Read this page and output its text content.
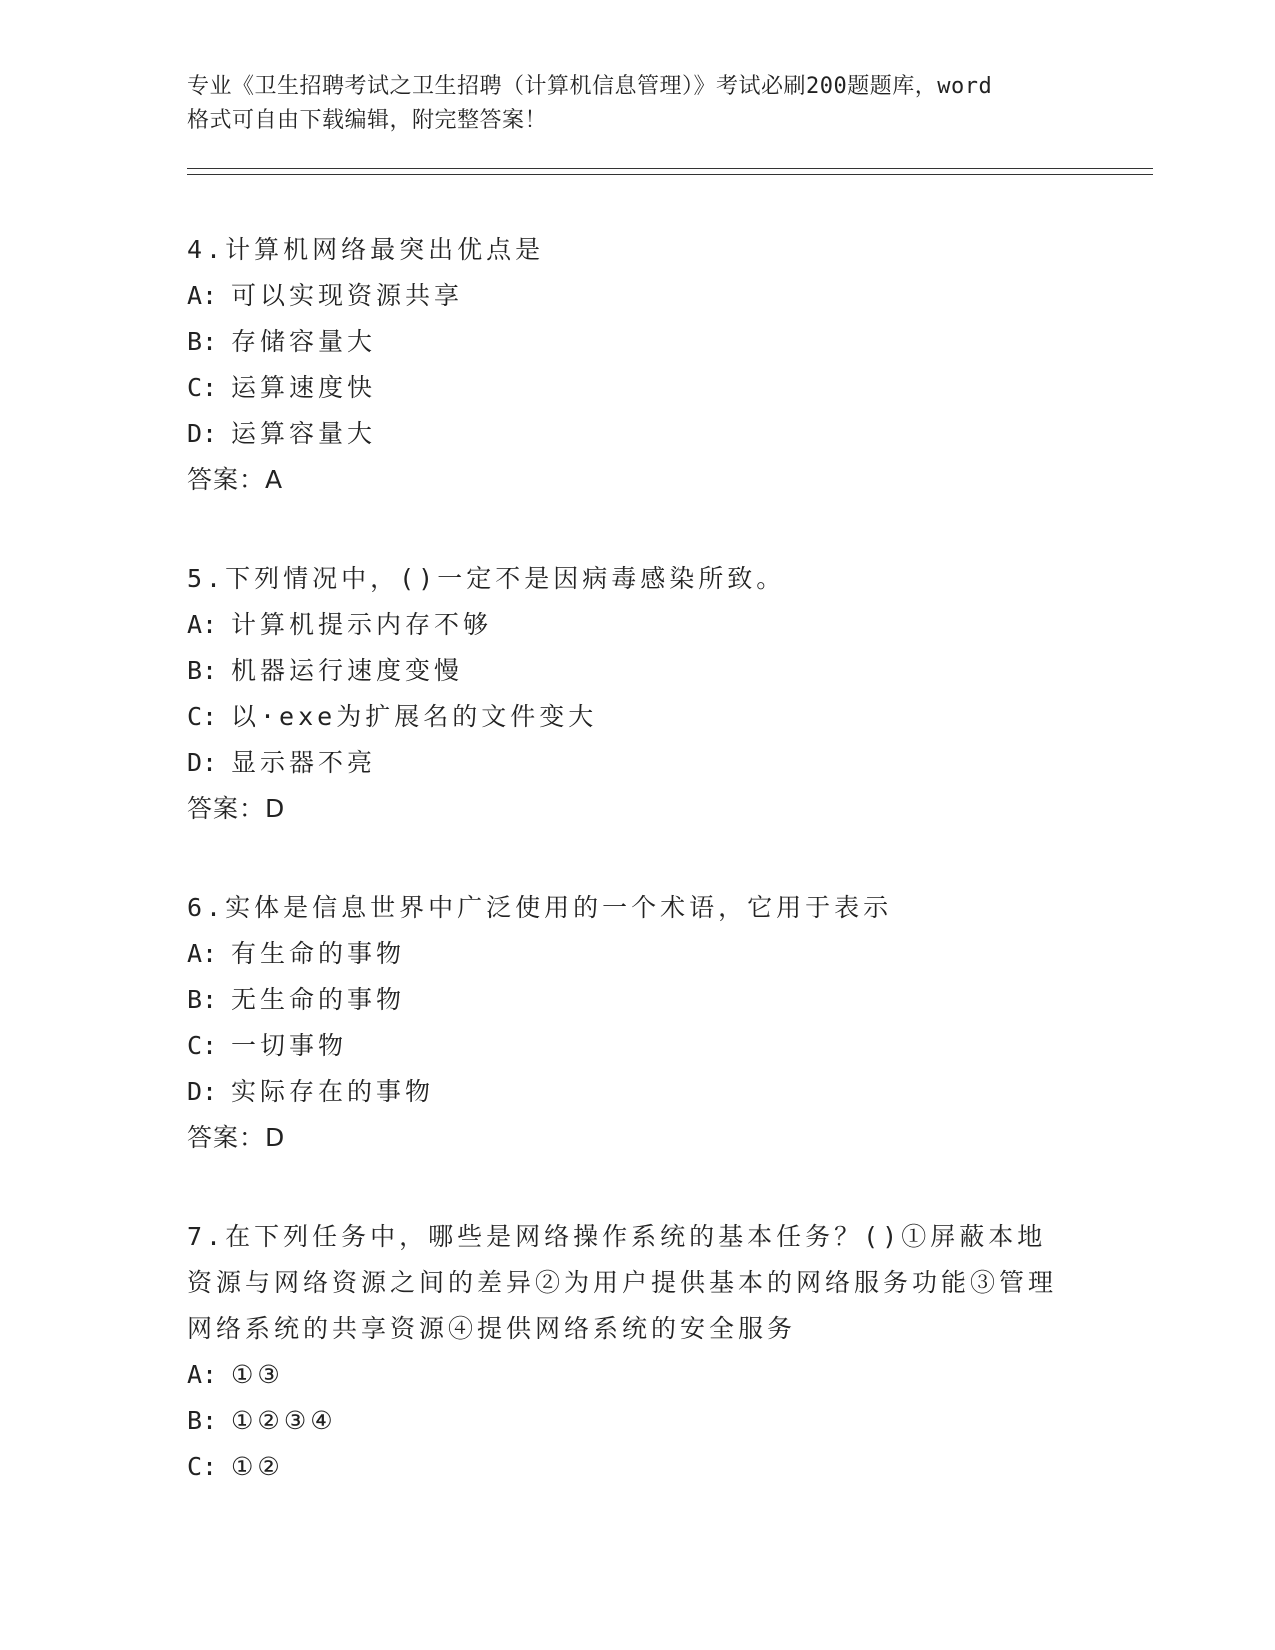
专业《卫生招聘考试之卫生招聘（计算机信息管理）》考试必刷200题题库，word
格式可自由下载编辑，附完整答案！
4.计算机网络最突出优点是
A: 可以实现资源共享
B: 存储容量大
C: 运算速度快
D: 运算容量大
答案：A
5.下列情况中，()一定不是因病毒感染所致。
A: 计算机提示内存不够
B: 机器运行速度变慢
C: 以·exe为扩展名的文件变大
D: 显示器不亮
答案：D
6.实体是信息世界中广泛使用的一个术语，它用于表示
A: 有生命的事物
B: 无生命的事物
C: 一切事物
D: 实际存在的事物
答案：D
7.在下列任务中，哪些是网络操作系统的基本任务？()①屏蔽本地资源与网络资源之间的差异②为用户提供基本的网络服务功能③管理网络系统的共享资源④提供网络系统的安全服务
A: ①③
B: ①②③④
C: ①②
